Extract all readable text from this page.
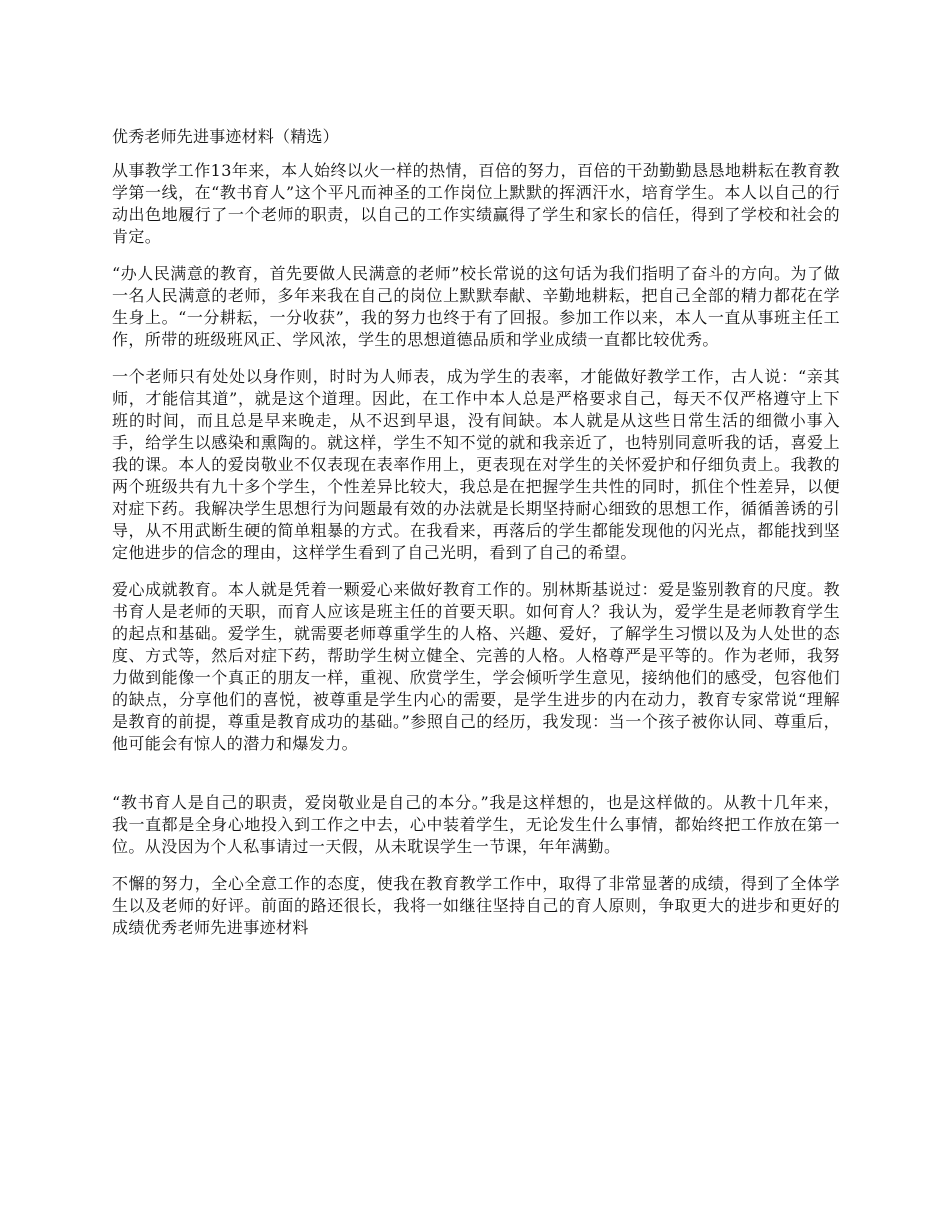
优秀老师先进事迹材料（精选）

从事教学工作13年来，本人始终以火一样的热情，百倍的努力，百倍的干劲勤勤恳恳地耕耘在教育教学第一线，在“教书育人”这个平凡而神圣的工作岗位上默默的挥洒汗水，培育学生。本人以自己的行动出色地履行了一个老师的职责，以自己的工作实绩赢得了学生和家长的信任，得到了学校和社会的肯定。

“办人民满意的教育，首先要做人民满意的老师”校长常说的这句话为我们指明了奋斗的方向。为了做一名人民满意的老师，多年来我在自己的岗位上默默奉献、辛勤地耕耘，把自己全部的精力都花在学生身上。“一分耕耘，一分收获”，我的努力也终于有了回报。参加工作以来，本人一直从事班主任工作，所带的班级班风正、学风浓，学生的思想道德品质和学业成绩一直都比较优秀。

一个老师只有处处以身作则，时时为人师表，成为学生的表率，才能做好教学工作，古人说：“亲其师，才能信其道”，就是这个道理。因此，在工作中本人总是严格要求自己，每天不仅严格遵守上下班的时间，而且总是早来晚走，从不迟到早退，没有间缺。本人就是从这些日常生活的细微小事入手，给学生以感染和熏陶的。就这样，学生不知不觉的就和我亲近了，也特别同意听我的话，喜爱上我的课。本人的爱岗敬业不仅表现在表率作用上，更表现在对学生的关怀爱护和仔细负责上。我教的两个班级共有九十多个学生，个性差异比较大，我总是在把握学生共性的同时，抓住个性差异，以便对症下药。我解决学生思想行为问题最有效的办法就是长期坚持耐心细致的思想工作，循循善诱的引导，从不用武断生硬的简单粗暴的方式。在我看来，再落后的学生都能发现他的闪光点，都能找到坚定他进步的信念的理由，这样学生看到了自己光明，看到了自己的希望。

爱心成就教育。本人就是凭着一颗爱心来做好教育工作的。别林斯基说过：爱是鉴别教育的尺度。教书育人是老师的天职，而育人应该是班主任的首要天职。如何育人？我认为，爱学生是老师教育学生的起点和基础。爱学生，就需要老师尊重学生的人格、兴趣、爱好，了解学生习惯以及为人处世的态度、方式等，然后对症下药，帮助学生树立健全、完善的人格。人格尊严是平等的。作为老师，我努力做到能像一个真正的朋友一样，重视、欣赏学生，学会倾听学生意见，接纳他们的感受，包容他们的缺点，分享他们的喜悦，被尊重是学生内心的需要，是学生进步的内在动力，教育专家常说“理解是教育的前提，尊重是教育成功的基础。”参照自己的经历，我发现：当一个孩子被你认同、尊重后，他可能会有惊人的潜力和爆发力。

“教书育人是自己的职责，爱岗敬业是自己的本分。”我是这样想的，也是这样做的。从教十几年来，我一直都是全身心地投入到工作之中去，心中装着学生，无论发生什么事情，都始终把工作放在第一位。从没因为个人私事请过一天假，从未耽误学生一节课，年年满勤。

不懈的努力，全心全意工作的态度，使我在教育教学工作中，取得了非常显著的成绩，得到了全体学生以及老师的好评。前面的路还很长，我将一如继往坚持自己的育人原则，争取更大的进步和更好的成绩优秀老师先进事迹材料
